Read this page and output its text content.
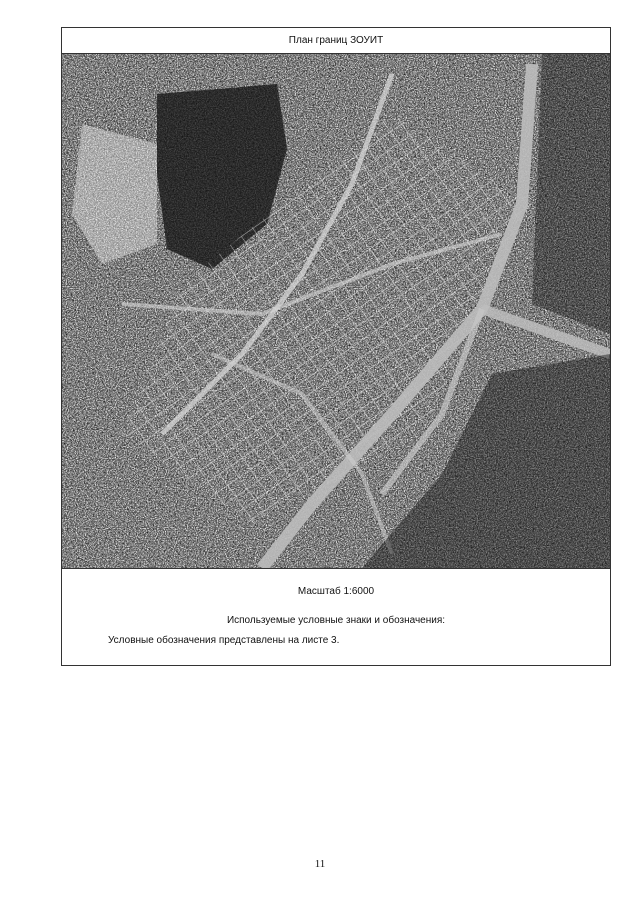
План границ ЗОУИТ
Масштаб 1:6000
Используемые условные знаки и обозначения:
Условные обозначения представлены на листе 3.
11
